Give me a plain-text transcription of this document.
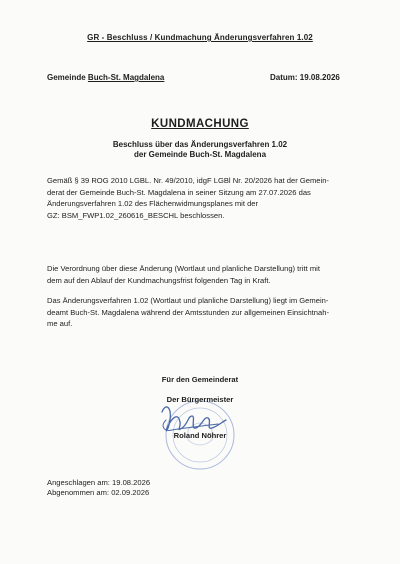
GR - Beschluss / Kundmachung Änderungsverfahren 1.02
Gemeinde Buch-St. Magdalena	Datum: 19.08.2026
KUNDMACHUNG
Beschluss über das Änderungsverfahren 1.02
der Gemeinde Buch-St. Magdalena
Gemäß § 39 ROG 2010 LGBL. Nr. 49/2010, idgF LGBl Nr. 20/2026 hat der Gemein-
derat der Gemeinde Buch-St. Magdalena in seiner Sitzung am 27.07.2026 das
Änderungsverfahren 1.02 des Flächenwidmungsplanes mit der
GZ: BSM_FWP1.02_260616_BESCHL beschlossen.
Die Verordnung über diese Änderung (Wortlaut und planliche Darstellung) tritt mit
dem auf den Ablauf der Kundmachungsfrist folgenden Tag in Kraft.
Das Änderungsverfahren 1.02 (Wortlaut und planliche Darstellung) liegt im Gemein-
deamt Buch-St. Magdalena während der Amtsstunden zur allgemeinen Einsichtnah-
me auf.
Für den Gemeinderat
Der Bürgermeister
Roland Nöhrer
Angeschlagen am: 19.08.2026
Abgenommen am: 02.09.2026
